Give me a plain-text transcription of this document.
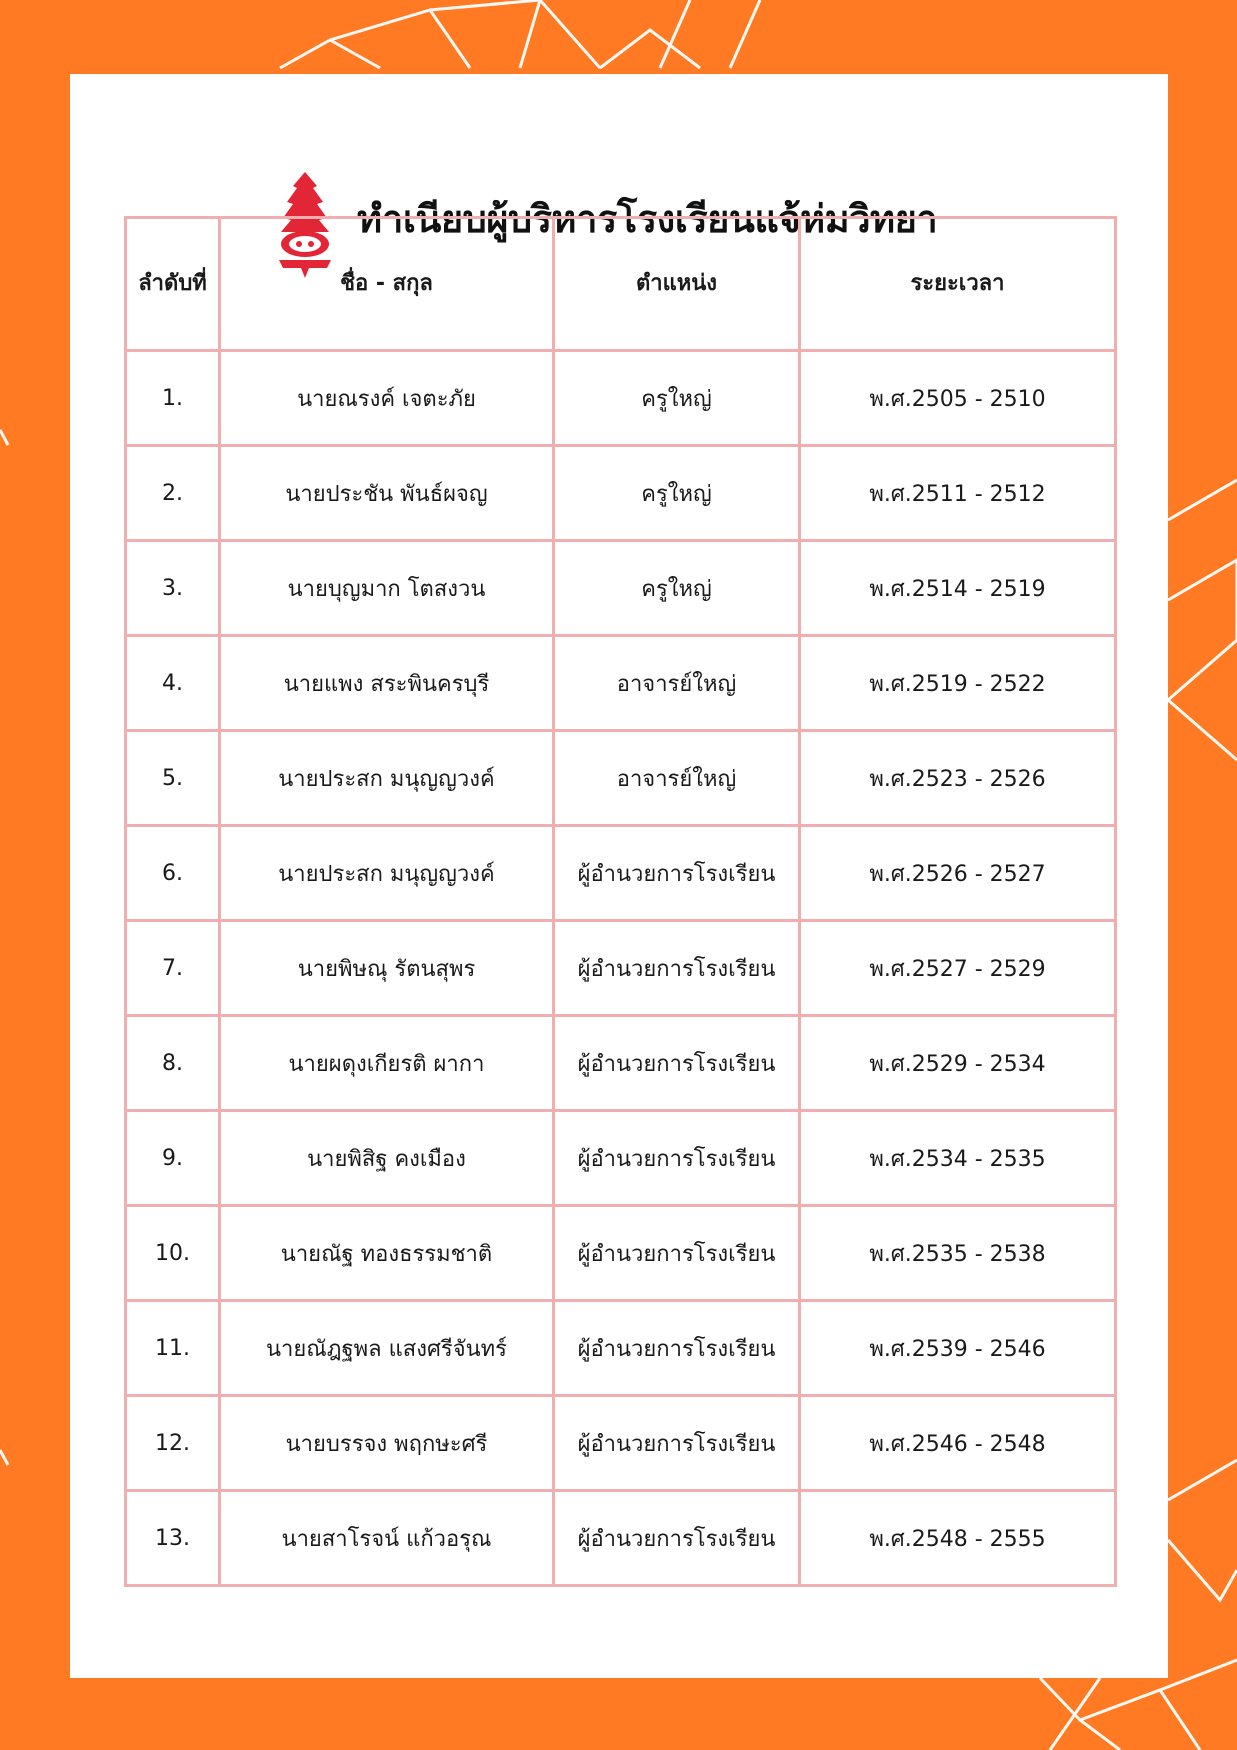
ทำเนียบผู้บริหารโรงเรียนแจ้ห่มวิทยา
ลำดับที่	ชื่อ - สกุล	ตำแหน่ง	ระยะเวลา
1.	นายณรงค์ เจตะภัย	ครูใหญ่	พ.ศ.2505 - 2510
2.	นายประชัน พันธ์ผจญ	ครูใหญ่	พ.ศ.2511 - 2512
3.	นายบุญมาก โตสงวน	ครูใหญ่	พ.ศ.2514 - 2519
4.	นายแพง สระพินครบุรี	อาจารย์ใหญ่	พ.ศ.2519 - 2522
5.	นายประสก มนุญญวงค์	อาจารย์ใหญ่	พ.ศ.2523 - 2526
6.	นายประสก มนุญญวงค์	ผู้อำนวยการโรงเรียน	พ.ศ.2526 - 2527
7.	นายพิษณุ รัตนสุพร	ผู้อำนวยการโรงเรียน	พ.ศ.2527 - 2529
8.	นายผดุงเกียรติ ผากา	ผู้อำนวยการโรงเรียน	พ.ศ.2529 - 2534
9.	นายพิสิฐ คงเมือง	ผู้อำนวยการโรงเรียน	พ.ศ.2534 - 2535
10.	นายณัฐ ทองธรรมชาติ	ผู้อำนวยการโรงเรียน	พ.ศ.2535 - 2538
11.	นายณัฎฐพล แสงศรีจันทร์	ผู้อำนวยการโรงเรียน	พ.ศ.2539 - 2546
12.	นายบรรจง พฤกษะศรี	ผู้อำนวยการโรงเรียน	พ.ศ.2546 - 2548
13.	นายสาโรจน์ แก้วอรุณ	ผู้อำนวยการโรงเรียน	พ.ศ.2548 - 2555
